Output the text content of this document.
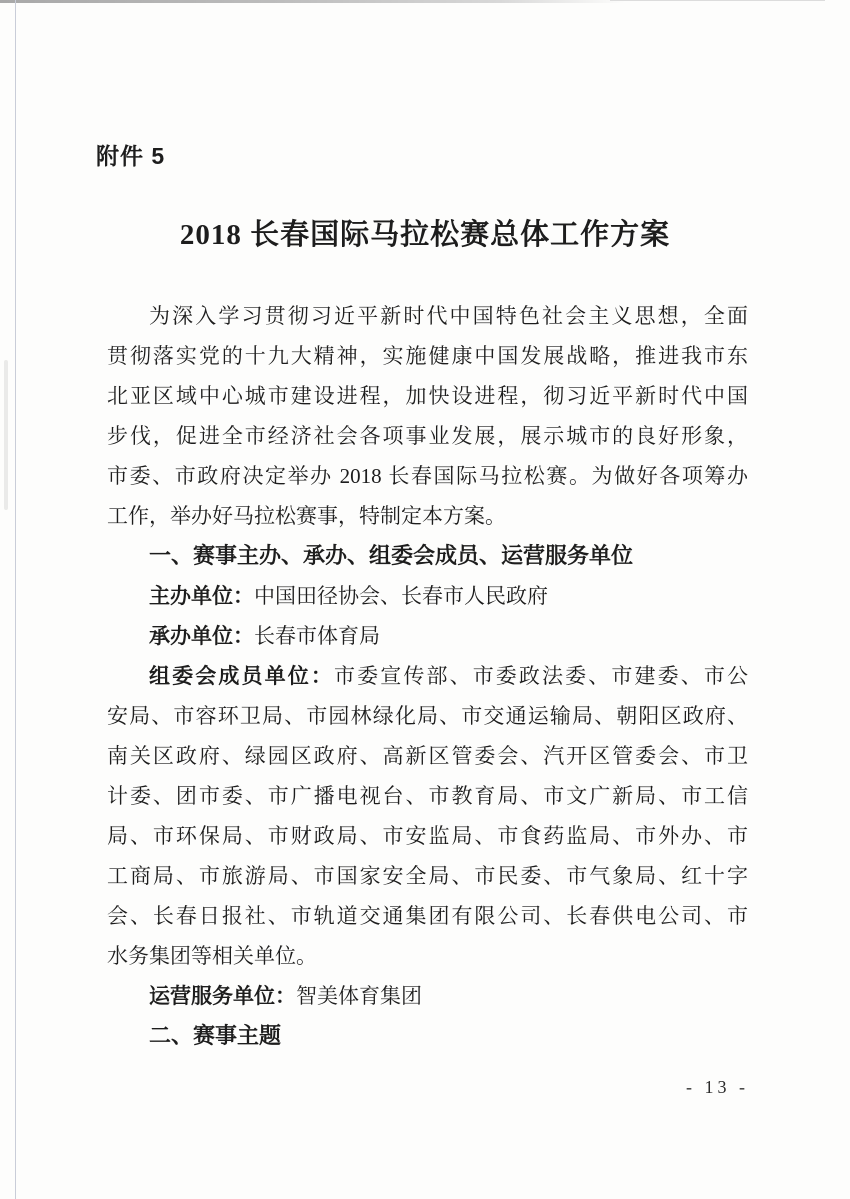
附件 5
2018 长春国际马拉松赛总体工作方案
为深入学习贯彻习近平新时代中国特色社会主义思想，全面
贯彻落实党的十九大精神，实施健康中国发展战略，推进我市东
北亚区域中心城市建设进程，加快设进程，彻习近平新时代中国
步伐，促进全市经济社会各项事业发展，展示城市的良好形象，
市委、市政府决定举办 2018 长春国际马拉松赛。为做好各项筹办
工作，举办好马拉松赛事，特制定本方案。
一、赛事主办、承办、组委会成员、运营服务单位
主办单位：中国田径协会、长春市人民政府
承办单位：长春市体育局
组委会成员单位：市委宣传部、市委政法委、市建委、市公
安局、市容环卫局、市园林绿化局、市交通运输局、朝阳区政府、
南关区政府、绿园区政府、高新区管委会、汽开区管委会、市卫
计委、团市委、市广播电视台、市教育局、市文广新局、市工信
局、市环保局、市财政局、市安监局、市食药监局、市外办、市
工商局、市旅游局、市国家安全局、市民委、市气象局、红十字
会、长春日报社、市轨道交通集团有限公司、长春供电公司、市
水务集团等相关单位。
运营服务单位：智美体育集团
二、赛事主题
- 13 -
